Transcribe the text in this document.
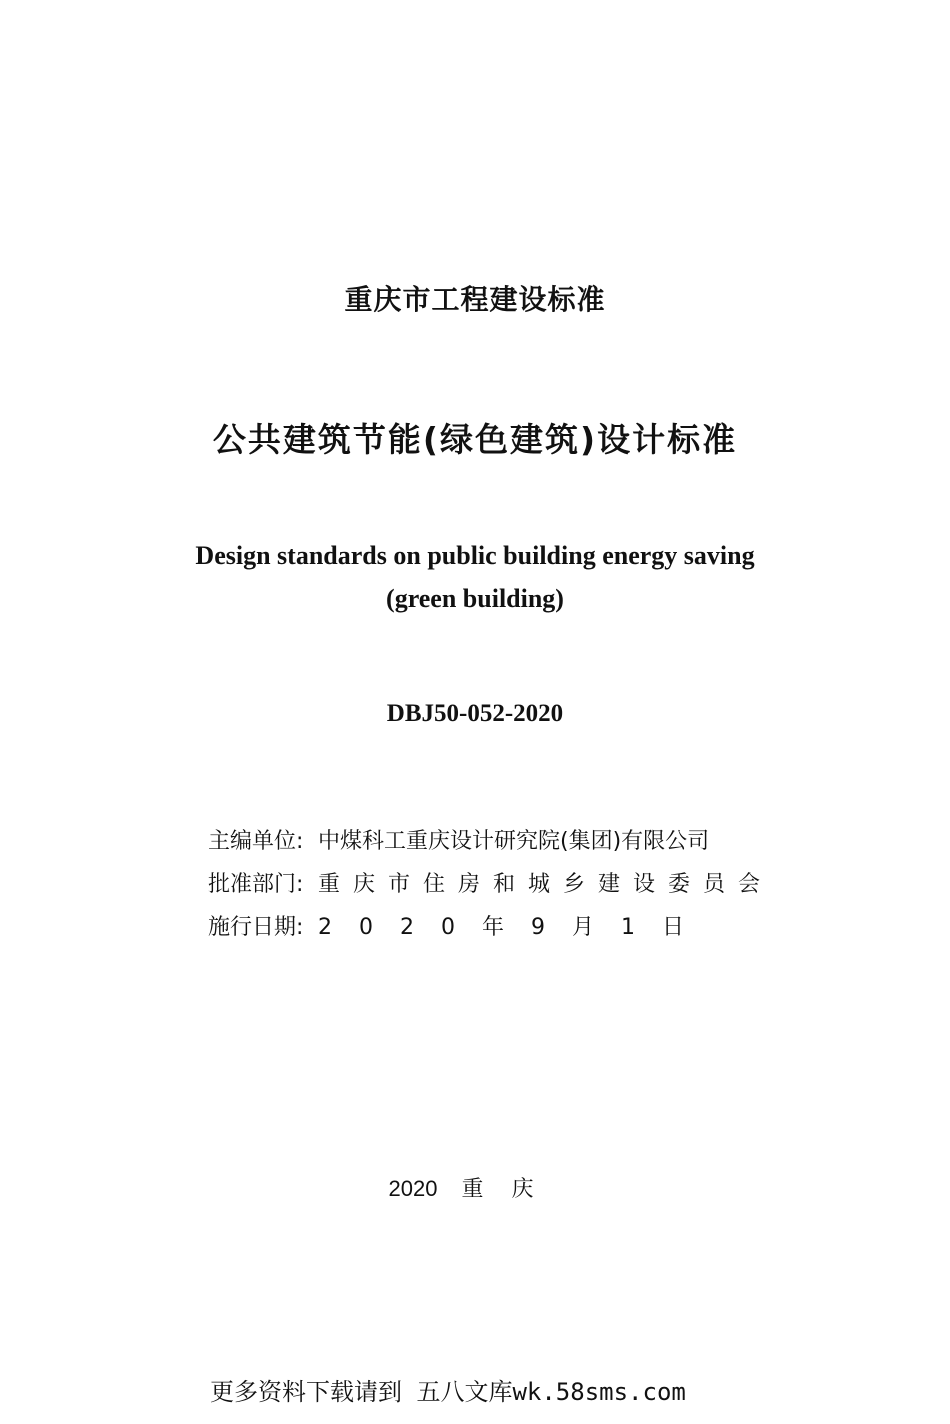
重庆市工程建设标准
公共建筑节能(绿色建筑)设计标准
Design standards on public building energy saving
(green building)
DBJ50-052-2020
主编单位: 中煤科工重庆设计研究院(集团)有限公司
批准部门: 重庆市住房和城乡建设委员会
施行日期: 2020年9月1日
2020 重庆
更多资料下载请到 五八文库wk.58sms.com
